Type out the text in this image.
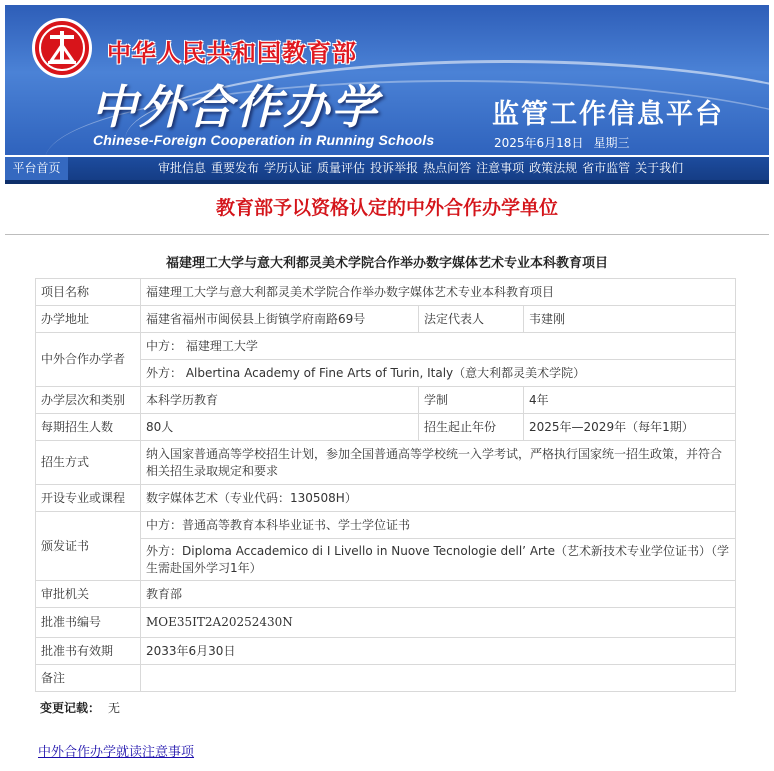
中华人民共和国教育部
中外合作办学
Chinese-Foreign Cooperation in Running Schools
监管工作信息平台
2025年6月18日 星期三
平台首页	审批信息 重要发布 学历认证 质量评估 投诉举报 热点问答 注意事项 政策法规 省市监管 关于我们
教育部予以资格认定的中外合作办学单位
福建理工大学与意大利都灵美术学院合作举办数字媒体艺术专业本科教育项目
项目名称	福建理工大学与意大利都灵美术学院合作举办数字媒体艺术专业本科教育项目		
办学地址	福建省福州市闽侯县上街镇学府南路69号	法定代表人	韦建刚
中外合作办学者	中方： 福建理工大学		
	外方： Albertina Academy of Fine Arts of Turin, Italy（意大利都灵美术学院）		
办学层次和类别	本科学历教育	学制	4年
每期招生人数	80人	招生起止年份	2025年—2029年（每年1期）
招生方式	纳入国家普通高等学校招生计划，参加全国普通高等学校统一入学考试，严格执行国家统一招生政策，并符合相关招生录取规定和要求		
开设专业或课程	数字媒体艺术（专业代码：130508H）		
颁发证书	中方：普通高等教育本科毕业证书、学士学位证书		
	外方：Diploma Accademico di I Livello in Nuove Tecnologie dell’ Arte（艺术新技术专业学位证书）（学生需赴国外学习1年）		
审批机关	教育部		
批准书编号	MOE35IT2A20252430N		
批准书有效期	2033年6月30日		
备注			
变更记载： 无
中外合作办学就读注意事项
